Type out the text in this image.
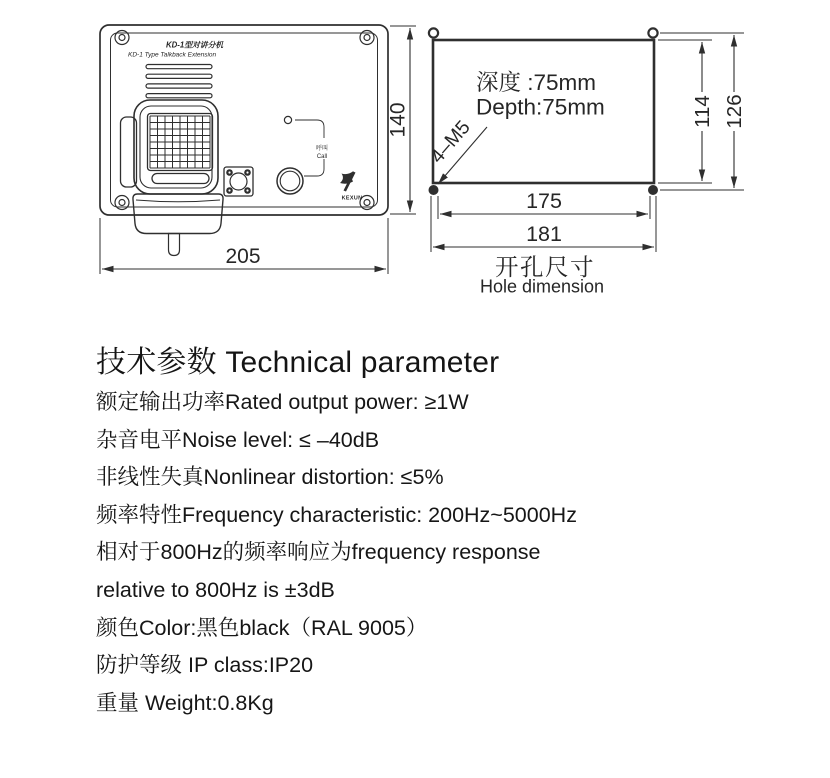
KD-1型对讲分机
KD-1 Type Talkback Extension
呼叫
Call
KEXUN
140
205
深度 :75mm
Depth:75mm
4–M5
114 126
175
181
开孔尺寸
Hole dimension
技术参数 Technical parameter
额定输出功率Rated output power: ≥1W
杂音电平Noise level: ≤ –40dB
非线性失真Nonlinear distortion: ≤5%
频率特性Frequency characteristic: 200Hz~5000Hz
相对于800Hz的频率响应为frequency response
relative to 800Hz is ±3dB
颜色Color:黑色black（RAL 9005）
防护等级 IP class:IP20
重量 Weight:0.8Kg
